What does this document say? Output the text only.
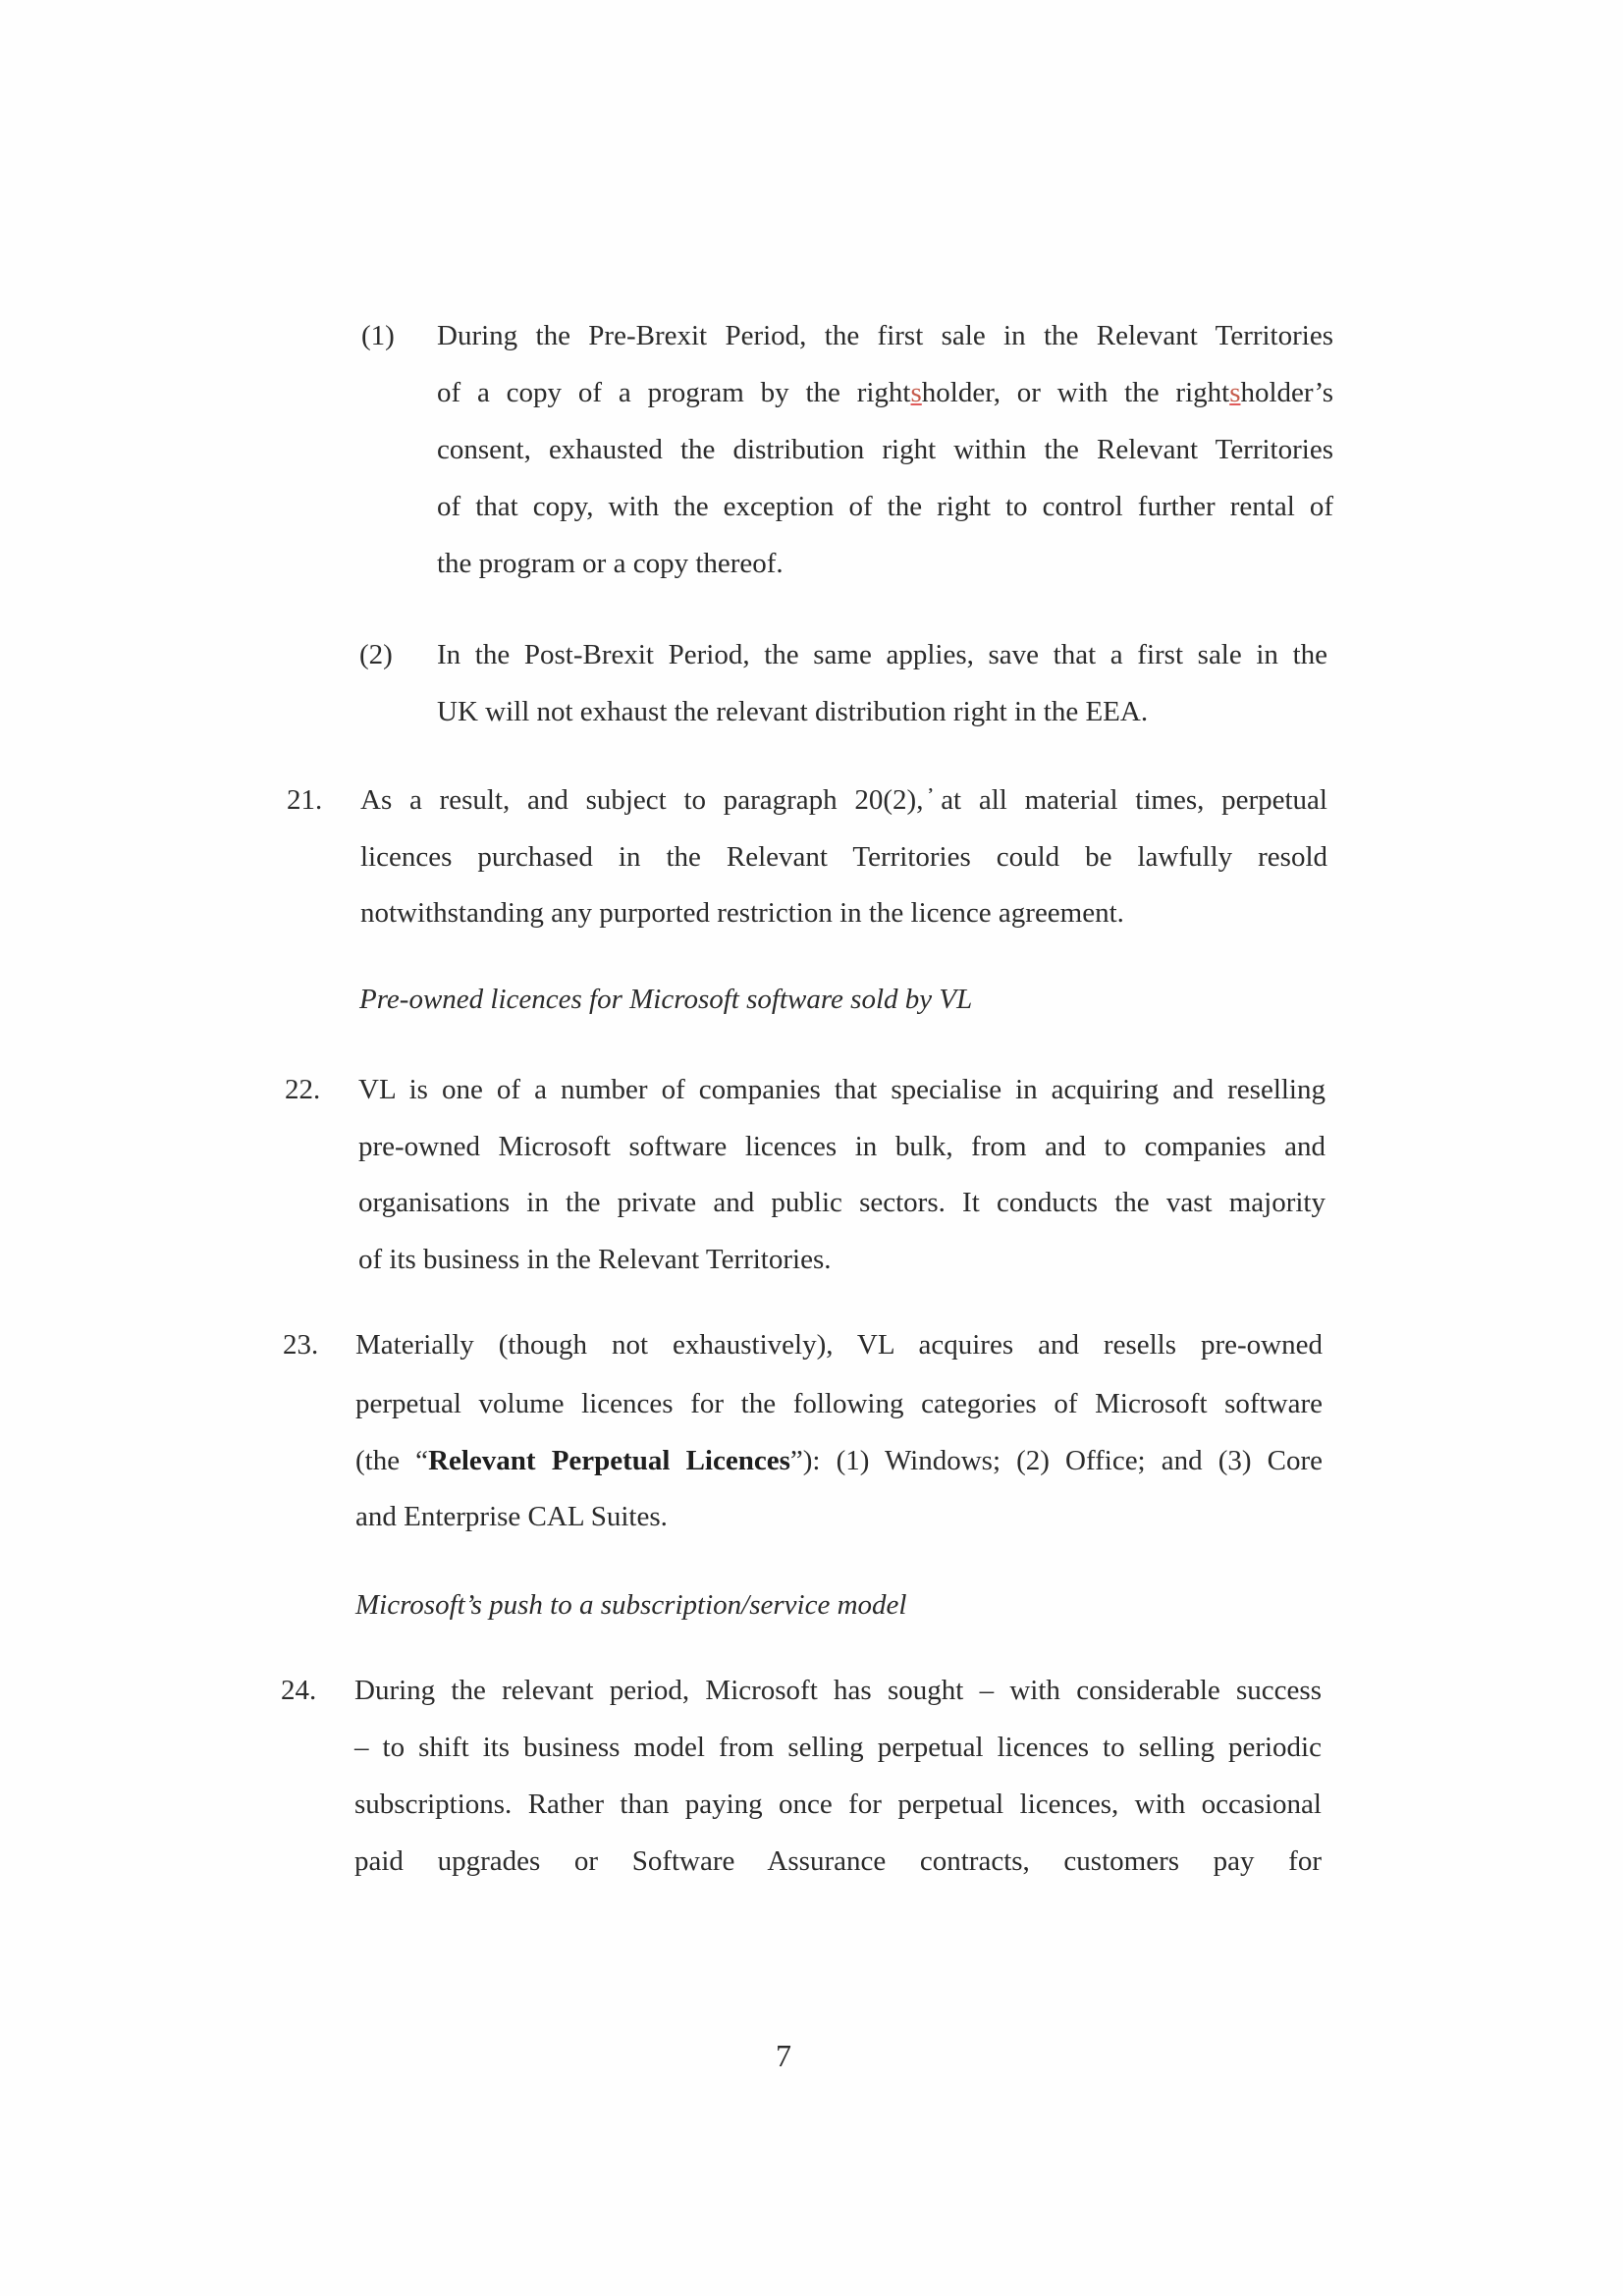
(1) During the Pre-Brexit Period, the first sale in the Relevant Territories
of a copy of a program by the rightsholder, or with the rightsholder’s
consent, exhausted the distribution right within the Relevant Territories
of that copy, with the exception of the right to control further rental of
the program or a copy thereof.
(2) In the Post-Brexit Period, the same applies, save that a first sale in the
UK will not exhaust the relevant distribution right in the EEA.
21. As a result, and subject to paragraph 20(2), ̓at all material times, perpetual
licences purchased in the Relevant Territories could be lawfully resold
notwithstanding any purported restriction in the licence agreement.
Pre-owned licences for Microsoft software sold by VL
22. VL is one of a number of companies that specialise in acquiring and reselling
pre-owned Microsoft software licences in bulk, from and to companies and
organisations in the private and public sectors. It conducts the vast majority
of its business in the Relevant Territories.
23. Materially (though not exhaustively), VL acquires and resells pre-owned
perpetual volume licences for the following categories of Microsoft software
(the “Relevant Perpetual Licences”): (1) Windows; (2) Office; and (3) Core
and Enterprise CAL Suites.
Microsoft’s push to a subscription/service model
24. During the relevant period, Microsoft has sought – with considerable success
– to shift its business model from selling perpetual licences to selling periodic
subscriptions. Rather than paying once for perpetual licences, with occasional
paid upgrades or Software Assurance contracts, customers pay for
7
